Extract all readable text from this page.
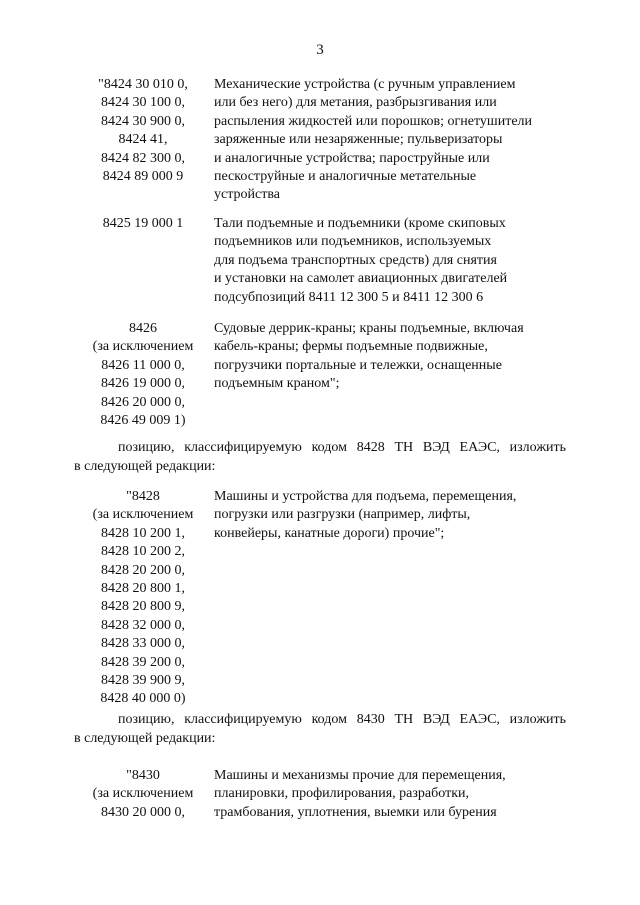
3
"8424 30 010 0,
8424 30 100 0,
8424 30 900 0,
8424 41,
8424 82 300 0,
8424 89 000 9
Механические устройства (с ручным управлением
или без него) для метания, разбрызгивания или
распыления жидкостей или порошков; огнетушители
заряженные или незаряженные; пульверизаторы
и аналогичные устройства; пароструйные или
пескоструйные и аналогичные метательные
устройства
8425 19 000 1	Тали подъемные и подъемники (кроме скиповых
подъемников или подъемников, используемых
для подъема транспортных средств) для снятия
и установки на самолет авиационных двигателей
подсубпозиций 8411 12 300 5 и 8411 12 300 6
8426
(за исключением
8426 11 000 0,
8426 19 000 0,
8426 20 000 0,
8426 49 009 1)
Судовые деррик-краны; краны подъемные, включая
кабель-краны; фермы подъемные подвижные,
погрузчики портальные и тележки, оснащенные
подъемным краном";
позицию, классифицируемую кодом 8428 ТН ВЭД ЕАЭС, изложить
в следующей редакции:
"8428
(за исключением
8428 10 200 1,
8428 10 200 2,
8428 20 200 0,
8428 20 800 1,
8428 20 800 9,
8428 32 000 0,
8428 33 000 0,
8428 39 200 0,
8428 39 900 9,
8428 40 000 0)
Машины и устройства для подъема, перемещения,
погрузки или разгрузки (например, лифты,
конвейеры, канатные дороги) прочие";
позицию, классифицируемую кодом 8430 ТН ВЭД ЕАЭС, изложить
в следующей редакции:
"8430
(за исключением
8430 20 000 0,
Машины и механизмы прочие для перемещения,
планировки, профилирования, разработки,
трамбования, уплотнения, выемки или бурения
